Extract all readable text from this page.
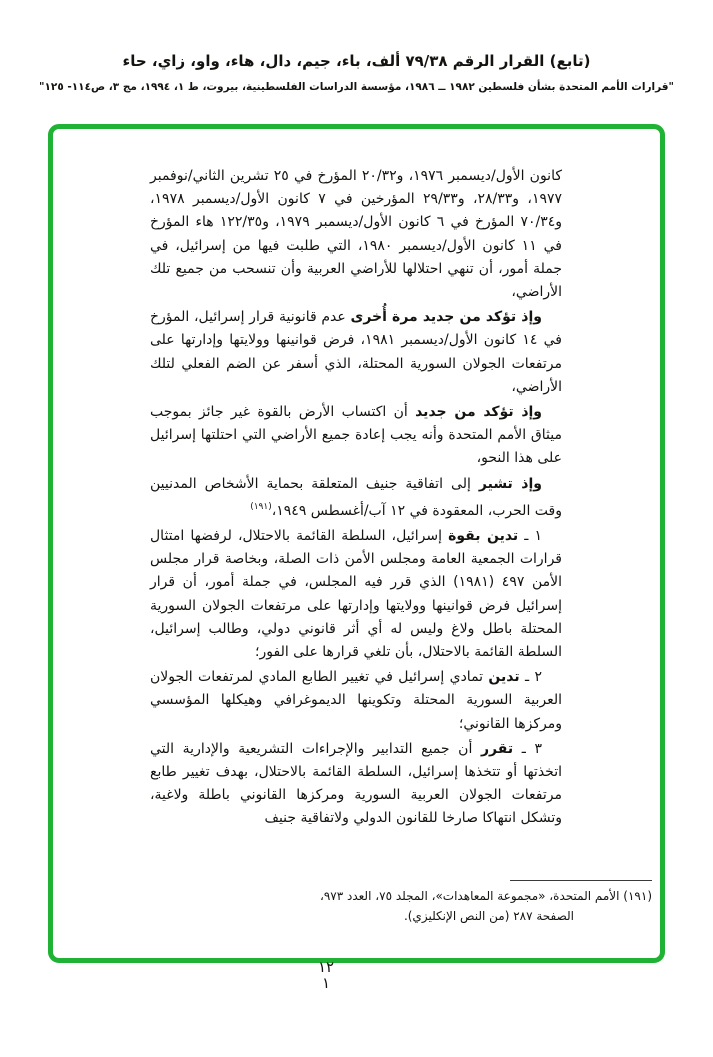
(تابع) القرار الرقم ٧٩/٣٨ ألف، باء، جيم، دال، هاء، واو، زاي، حاء
"قرارات الأمم المتحدة بشأن فلسطين ١٩٨٢ ــ ١٩٨٦، مؤسسة الدراسات الفلسطينية، بيروت، ط ١، ١٩٩٤، مج ٣، ص١١٤- ١٢٥"

كانون الأول/ديسمبر ١٩٧٦، و٢٠/٣٢ المؤرخ في ٢٥ تشرين الثاني/نوفمبر ١٩٧٧، و٢٨/٣٣، و٢٩/٣٣ المؤرخين في ٧ كانون الأول/ديسمبر ١٩٧٨، و٧٠/٣٤ المؤرخ في ٦ كانون الأول/ديسمبر ١٩٧٩، و١٢٢/٣٥ هاء المؤرخ في ١١ كانون الأول/ديسمبر ١٩٨٠، التي طلبت فيها من إسرائيل، في جملة أمور، أن تنهي احتلالها للأراضي العربية وأن تنسحب من جميع تلك الأراضي،

وإذ تؤكد من جديد مرة أُخرى عدم قانونية قرار إسرائيل، المؤرخ في ١٤ كانون الأول/ديسمبر ١٩٨١، فرض قوانينها وولايتها وإدارتها على مرتفعات الجولان السورية المحتلة، الذي أسفر عن الضم الفعلي لتلك الأراضي،

وإذ تؤكد من جديد أن اكتساب الأرض بالقوة غير جائز بموجب ميثاق الأمم المتحدة وأنه يجب إعادة جميع الأراضي التي احتلتها إسرائيل على هذا النحو،

وإذ تشير إلى اتفاقية جنيف المتعلقة بحماية الأشخاص المدنيين وقت الحرب، المعقودة في ١٢ آب/أغسطس ١٩٤٩،$^{(١٩١)}$

١ ـ تدين بقوة إسرائيل، السلطة القائمة بالاحتلال، لرفضها امتثال قرارات الجمعية العامة ومجلس الأمن ذات الصلة، وبخاصة قرار مجلس الأمن ٤٩٧ (١٩٨١) الذي قرر فيه المجلس، في جملة أمور، أن قرار إسرائيل فرض قوانينها وولايتها وإدارتها على مرتفعات الجولان السورية المحتلة باطل ولاغ وليس له أي أثر قانوني دولي، وطالب إسرائيل، السلطة القائمة بالاحتلال، بأن تلغي قرارها على الفور؛

٢ ـ تدين تمادي إسرائيل في تغيير الطابع المادي لمرتفعات الجولان العربية السورية المحتلة وتكوينها الديموغرافي وهيكلها المؤسسي ومركزها القانوني؛

٣ ـ تقرر أن جميع التدابير والإجراءات التشريعية والإدارية التي اتخذتها أو تتخذها إسرائيل، السلطة القائمة بالاحتلال، بهدف تغيير طابع مرتفعات الجولان العربية السورية ومركزها القانوني باطلة ولاغية، وتشكل انتهاكا صارخا للقانون الدولي ولاتفاقية جنيف

(١٩١) الأمم المتحدة، «مجموعة المعاهدات»، المجلد ٧٥، العدد ٩٧٣،
الصفحة ٢٨٧ (من النص الإنكليزي).
١٢
١
